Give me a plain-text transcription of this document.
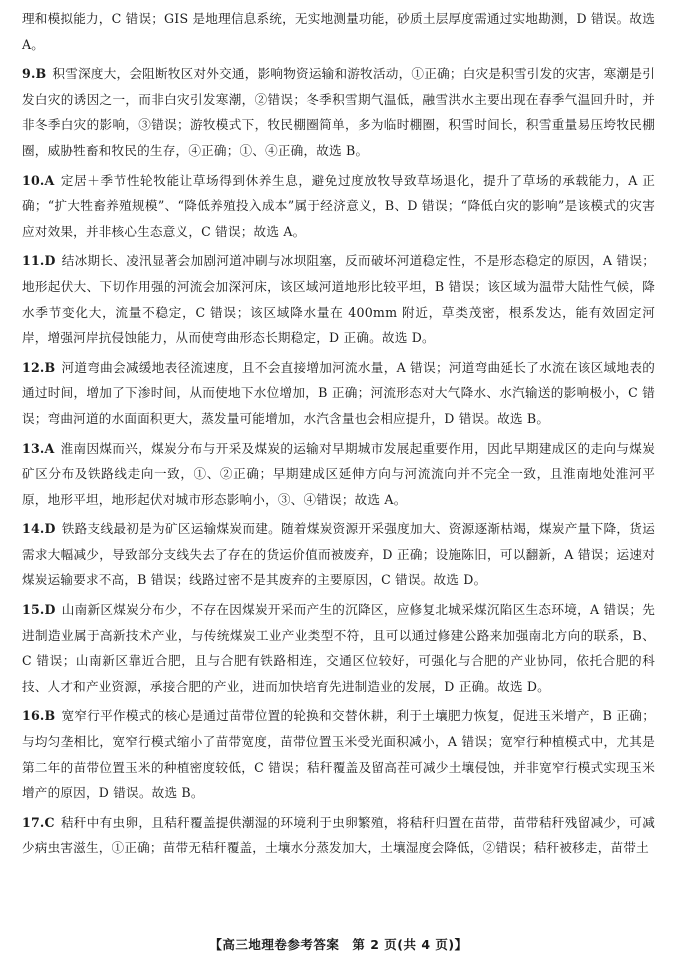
理和模拟能力，C 错误；GIS 是地理信息系统，无实地测量功能，砂质土层厚度需通过实地勘测，D 错误。故选 A。

9.B 积雪深度大，会阻断牧区对外交通，影响物资运输和游牧活动，①正确；白灾是积雪引发的灾害，寒潮是引发白灾的诱因之一，而非白灾引发寒潮，②错误；冬季积雪期气温低，融雪洪水主要出现在春季气温回升时，并非冬季白灾的影响，③错误；游牧模式下，牧民棚圈简单，多为临时棚圈，积雪时间长，积雪重量易压垮牧民棚圈，威胁牲畜和牧民的生存，④正确；①、④正确，故选 B。

10.A 定居＋季节性轮牧能让草场得到休养生息，避免过度放牧导致草场退化，提升了草场的承载能力，A 正确；“扩大牲畜养殖规模”、“降低养殖投入成本”属于经济意义，B、D 错误；“降低白灾的影响”是该模式的灾害应对效果，并非核心生态意义，C 错误；故选 A。

11.D 结冰期长、凌汛显著会加剧河道冲刷与冰坝阻塞，反而破坏河道稳定性，不是形态稳定的原因，A 错误；地形起伏大、下切作用强的河流会加深河床，该区域河道地形比较平坦，B 错误；该区域为温带大陆性气候，降水季节变化大，流量不稳定，C 错误；该区域降水量在 400mm 附近，草类茂密，根系发达，能有效固定河岸，增强河岸抗侵蚀能力，从而使弯曲形态长期稳定，D 正确。故选 D。

12.B 河道弯曲会减缓地表径流速度，且不会直接增加河流水量，A 错误；河道弯曲延长了水流在该区域地表的通过时间，增加了下渗时间，从而使地下水位增加，B 正确；河流形态对大气降水、水汽输送的影响极小，C 错误；弯曲河道的水面面积更大，蒸发量可能增加，水汽含量也会相应提升，D 错误。故选 B。

13.A 淮南因煤而兴，煤炭分布与开采及煤炭的运输对早期城市发展起重要作用，因此早期建成区的走向与煤炭矿区分布及铁路线走向一致，①、②正确；早期建成区延伸方向与河流流向并不完全一致，且淮南地处淮河平原，地形平坦，地形起伏对城市形态影响小，③、④错误；故选 A。

14.D 铁路支线最初是为矿区运输煤炭而建。随着煤炭资源开采强度加大、资源逐渐枯竭，煤炭产量下降，货运需求大幅减少，导致部分支线失去了存在的货运价值而被废弃，D 正确；设施陈旧，可以翻新，A 错误；运速对煤炭运输要求不高，B 错误；线路过密不是其废弃的主要原因，C 错误。故选 D。

15.D 山南新区煤炭分布少，不存在因煤炭开采而产生的沉降区，应修复北城采煤沉陷区生态环境，A 错误；先进制造业属于高新技术产业，与传统煤炭工业产业类型不符，且可以通过修建公路来加强南北方向的联系，B、C 错误；山南新区靠近合肥，且与合肥有铁路相连，交通区位较好，可强化与合肥的产业协同，依托合肥的科技、人才和产业资源，承接合肥的产业，进而加快培育先进制造业的发展，D 正确。故选 D。

16.B 宽窄行平作模式的核心是通过苗带位置的轮换和交替休耕，利于土壤肥力恢复，促进玉米增产，B 正确；与均匀垄相比，宽窄行模式缩小了苗带宽度，苗带位置玉米受光面积减小，A 错误；宽窄行种植模式中，尤其是第二年的苗带位置玉米的种植密度较低，C 错误；秸秆覆盖及留高茬可减少土壤侵蚀，并非宽窄行模式实现玉米增产的原因，D 错误。故选 B。

17.C 秸秆中有虫卵，且秸秆覆盖提供潮湿的环境利于虫卵繁殖，将秸秆归置在苗带，苗带秸秆残留减少，可减少病虫害滋生，①正确；苗带无秸秆覆盖，土壤水分蒸发加大，土壤湿度会降低，②错误；秸秆被移走，苗带土

【高三地理卷参考答案　第 2 页(共 4 页)】
